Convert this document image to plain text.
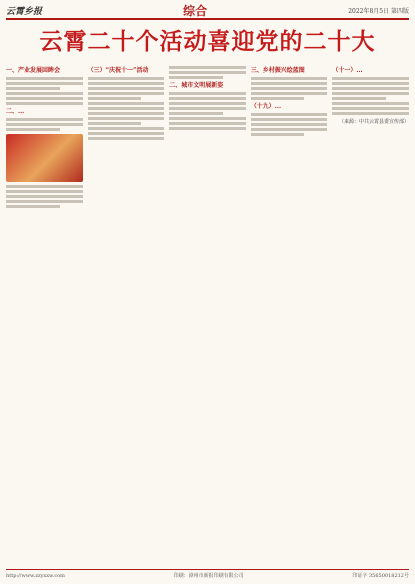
云霄乡报	综合	2022年8月5日 第四版
云霄二十个活动喜迎党的二十大
一、产业发展回眸会
二、...
（三）“庆祝十一”活动
二、城市文明展新姿
三、乡村振兴绘蓝图
（十九）...
（十一）...
（来源：中共云霄县委宣传部）
http://www.zzyxxw.com	印刷：漳州市新报印刷有限公司	印证字 35650018212号
